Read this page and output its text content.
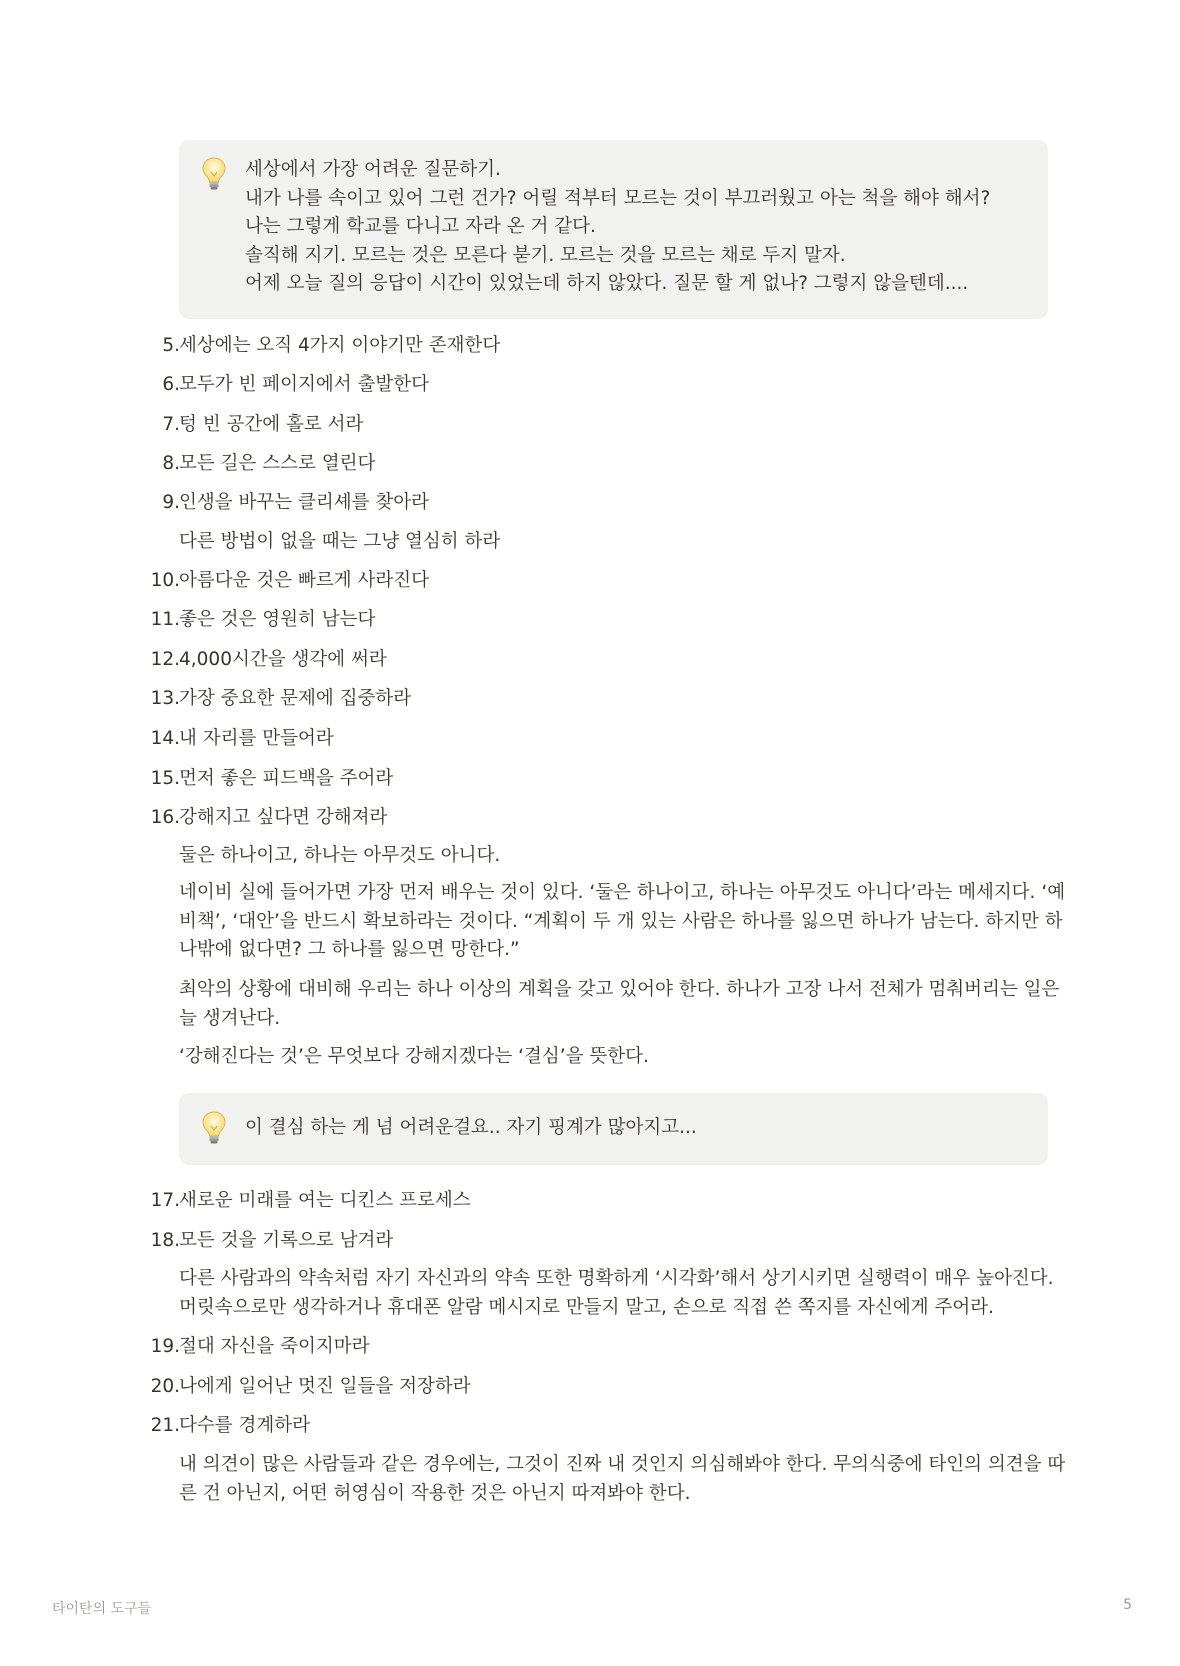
세상에서 가장 어려운 질문하기.
내가 나를 속이고 있어 그런 건가? 어릴 적부터 모르는 것이 부끄러웠고 아는 척을 해야 해서?
나는 그렇게 학교를 다니고 자라 온 거 같다.
솔직해 지기. 모르는 것은 모른다 붇기. 모르는 것을 모르는 채로 두지 말자.
어제 오늘 질의 응답이 시간이 있었는데 하지 않았다. 질문 할 게 없나? 그렇지 않을텐데....
5. 세상에는 오직 4가지 이야기만 존재한다
6. 모두가 빈 페이지에서 출발한다
7. 텅 빈 공간에 홀로 서라
8. 모든 길은 스스로 열린다
9. 인생을 바꾸는 클리셰를 찾아라
다른 방법이 없을 때는 그냥 열심히 하라
10. 아름다운 것은 빠르게 사라진다
11. 좋은 것은 영원히 남는다
12. 4,000시간을 생각에 써라
13. 가장 중요한 문제에 집중하라
14. 내 자리를 만들어라
15. 먼저 좋은 피드백을 주어라
16. 강해지고 싶다면 강해져라
둘은 하나이고, 하나는 아무것도 아니다.
네이비 실에 들어가면 가장 먼저 배우는 것이 있다. ‘둘은 하나이고, 하나는 아무것도 아니다’라는 메세지다. ‘예
비책’, ‘대안’을 반드시 확보하라는 것이다. “계획이 두 개 있는 사람은 하나를 잃으면 하나가 남는다. 하지만 하
나밖에 없다면? 그 하나를 잃으면 망한다.”
최악의 상황에 대비해 우리는 하나 이상의 계획을 갖고 있어야 한다. 하나가 고장 나서 전체가 멈춰버리는 일은
늘 생겨난다.
‘강해진다는 것’은 무엇보다 강해지겠다는 ‘결심’을 뜻한다.
이 결심 하는 게 넘 어려운걸요.. 자기 핑계가 많아지고...
17. 새로운 미래를 여는 디킨스 프로세스
18. 모든 것을 기록으로 남겨라
다른 사람과의 약속처럼 자기 자신과의 약속 또한 명확하게 ‘시각화’해서 상기시키면 실행력이 매우 높아진다.
머릿속으로만 생각하거나 휴대폰 알람 메시지로 만들지 말고, 손으로 직접 쓴 쪽지를 자신에게 주어라.
19. 절대 자신을 죽이지마라
20. 나에게 일어난 멋진 일들을 저장하라
21. 다수를 경계하라
내 의견이 많은 사람들과 같은 경우에는, 그것이 진짜 내 것인지 의심해봐야 한다. 무의식중에 타인의 의견을 따
른 건 아닌지, 어떤 허영심이 작용한 것은 아닌지 따져봐야 한다.
타이탄의 도구들	5
